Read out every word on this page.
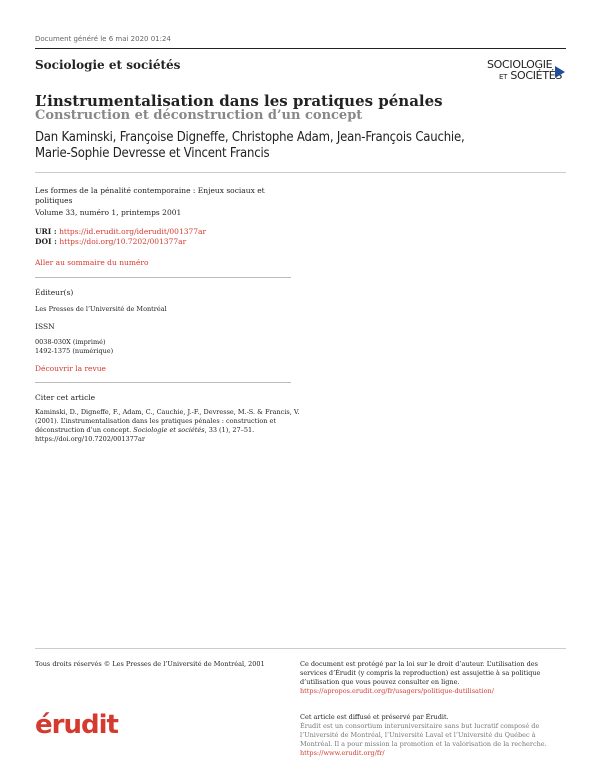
Document généré le 6 mai 2020 01:24
Sociologie et sociétés	SOCIOLOGIE
ET SOCIÉTÉS
L’instrumentalisation dans les pratiques pénales
Construction et déconstruction d’un concept
Dan Kaminski, Françoise Digneffe, Christophe Adam, Jean-François Cauchie,
Marie-Sophie Devresse et Vincent Francis
Les formes de la pénalité contemporaine : Enjeux sociaux et
politiques
Volume 33, numéro 1, printemps 2001
URI : https://id.erudit.org/iderudit/001377ar
DOI : https://doi.org/10.7202/001377ar
Aller au sommaire du numéro
Éditeur(s)
Les Presses de l’Université de Montréal
ISSN
0038-030X (imprimé)
1492-1375 (numérique)
Découvrir la revue
Citer cet article
Kaminski, D., Digneffe, F., Adam, C., Cauchie, J.-F., Devresse, M.-S. & Francis, V.
(2001). L’instrumentalisation dans les pratiques pénales : construction et
déconstruction d’un concept. Sociologie et sociétés, 33 (1), 27–51.
https://doi.org/10.7202/001377ar
Tous droits réservés © Les Presses de l’Université de Montréal, 2001	Ce document est protégé par la loi sur le droit d’auteur. L’utilisation des
services d’Érudit (y compris la reproduction) est assujettie à sa politique
d’utilisation que vous pouvez consulter en ligne.
https://apropos.erudit.org/fr/usagers/politique-dutilisation/
érudit	Cet article est diffusé et préservé par Érudit.
Érudit est un consortium interuniversitaire sans but lucratif composé de
l’Université de Montréal, l’Université Laval et l’Université du Québec à
Montréal. Il a pour mission la promotion et la valorisation de la recherche.
https://www.erudit.org/fr/
